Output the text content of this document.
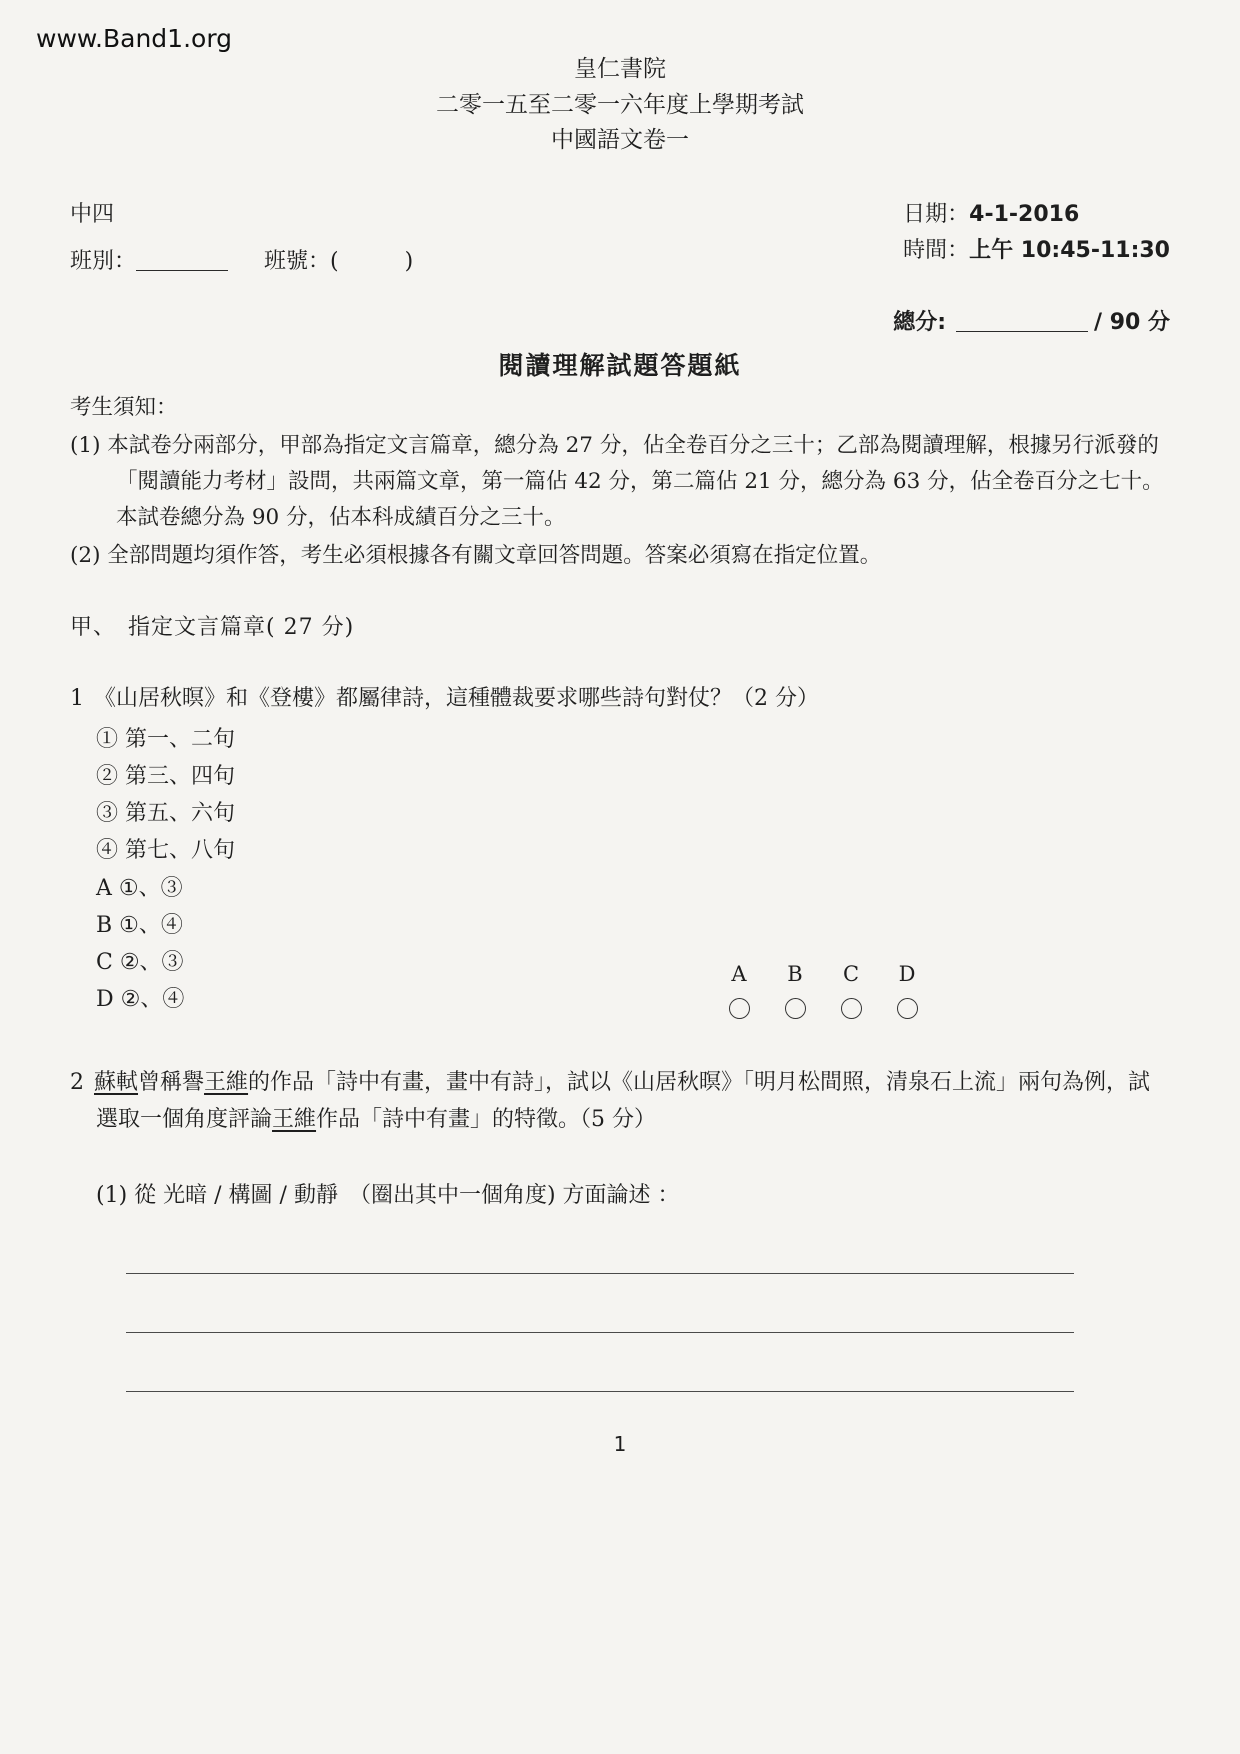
www.Band1.org
皇仁書院
二零一五至二零一六年度上學期考試
中國語文卷一
中四
班別：	班號：(	)
日期：4-1-2016
時間：上午 10:45-11:30
總分:	/ 90 分
閱讀理解試題答題紙
考生須知：
(1) 本試卷分兩部分，甲部為指定文言篇章，總分為 27 分，佔全卷百分之三十；乙部為閱讀理解，根據另行派發的「閱讀能力考材」設問，共兩篇文章，第一篇佔 42 分，第二篇佔 21 分，總分為 63 分，佔全卷百分之七十。本試卷總分為 90 分，佔本科成績百分之三十。
(2) 全部問題均須作答，考生必須根據各有關文章回答問題。答案必須寫在指定位置。
甲、　指定文言篇章( 27 分)
1 《山居秋暝》和《登樓》都屬律詩，這種體裁要求哪些詩句對仗？（2 分）
① 第一、二句
② 第三、四句
③ 第五、六句
④ 第七、八句
A ①、③
B ①、④
C ②、③
D ②、④
A B C D
2 蘇軾曾稱譽王維的作品「詩中有畫，畫中有詩」，試以《山居秋暝》「明月松間照，清泉石上流」兩句為例，試選取一個角度評論王維作品「詩中有畫」的特徵。（5 分）
(1) 從 光暗 / 構圖 / 動靜　（圈出其中一個角度) 方面論述 ：
1
